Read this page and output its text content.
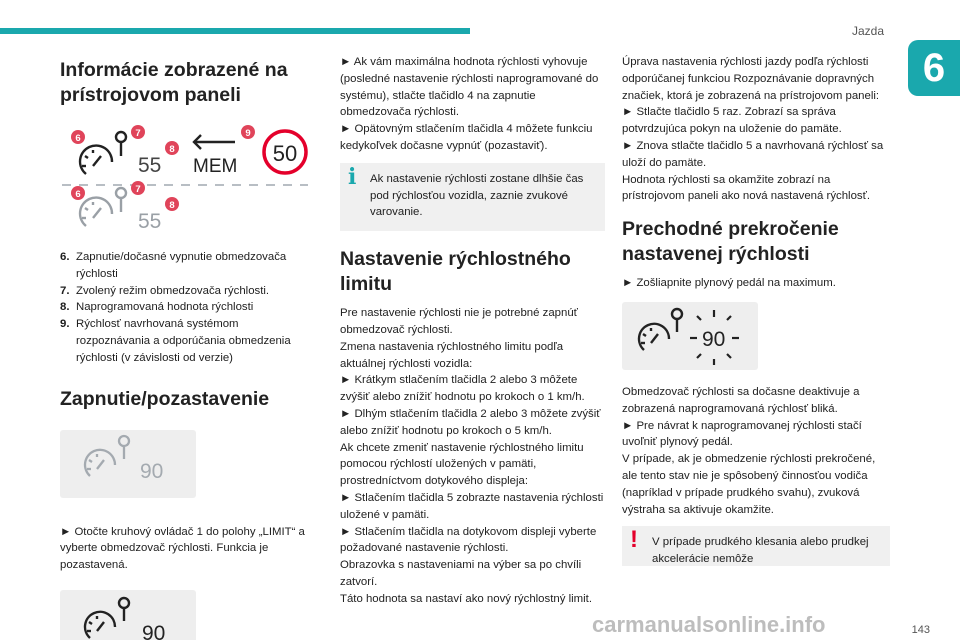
Jazda
6
Informácie zobrazené na prístrojovom paneli
55 MEM
50
6	7
8
9
55
6	7
8
6. Zapnutie/dočasné vypnutie obmedzovača rýchlosti
7. Zvolený režim obmedzovača rýchlosti.
8. Naprogramovaná hodnota rýchlosti
9. Rýchlosť navrhovaná systémom rozpoznávania a odporúčania obmedzenia rýchlosti (v závislosti od verzie)
Zapnutie/pozastavenie
90

► Otočte kruhový ovládač 1 do polohy „LIMIT“ a vyberte obmedzovač rýchlosti. Funkcia je pozastavená.

90

► Ak vám maximálna hodnota rýchlosti vyhovuje (posledné nastavenie rýchlosti naprogramované do systému), stlačte tlačidlo 4 na zapnutie obmedzovača rýchlosti.
► Opätovným stlačením tlačidla 4 môžete funkciu kedykoľvek dočasne vypnúť (pozastaviť).

i Ak nastavenie rýchlosti zostane dlhšie čas pod rýchlosťou vozidla, zaznie zvukové varovanie.
Nastavenie rýchlostného limitu

Pre nastavenie rýchlosti nie je potrebné zapnúť obmedzovač rýchlosti.
Zmena nastavenia rýchlostného limitu podľa aktuálnej rýchlosti vozidla:
► Krátkym stlačením tlačidla 2 alebo 3 môžete zvýšiť alebo znížiť hodnotu po krokoch o 1 km/h.
► Dlhým stlačením tlačidla 2 alebo 3 môžete zvýšiť alebo znížiť hodnotu po krokoch o 5 km/h.
Ak chcete zmeniť nastavenie rýchlostného limitu pomocou rýchlostí uložených v pamäti, prostredníctvom dotykového displeja:
► Stlačením tlačidla 5 zobrazte nastavenia rýchlosti uložené v pamäti.
► Stlačením tlačidla na dotykovom displeji vyberte požadované nastavenie rýchlosti.
Obrazovka s nastaveniami na výber sa po chvíli zatvorí.
Táto hodnota sa nastaví ako nový rýchlostný limit.

Úprava nastavenia rýchlosti jazdy podľa rýchlosti odporúčanej funkciou Rozpoznávanie dopravných značiek, ktorá je zobrazená na prístrojovom paneli:
► Stlačte tlačidlo 5 raz. Zobrazí sa správa potvrdzujúca pokyn na uloženie do pamäte.
► Znova stlačte tlačidlo 5 a navrhovaná rýchlosť sa uloží do pamäte.
Hodnota rýchlosti sa okamžite zobrazí na prístrojovom paneli ako nová nastavená rýchlosť.

Prechodné prekročenie nastavenej rýchlosti

► Zošliapnite plynový pedál na maximum.

90

Obmedzovač rýchlosti sa dočasne deaktivuje a zobrazená naprogramovaná rýchlosť bliká.
► Pre návrat k naprogramovanej rýchlosti stačí uvoľniť plynový pedál.
V prípade, ak je obmedzenie rýchlosti prekročené, ale tento stav nie je spôsobený činnosťou vodiča (napríklad v prípade prudkého svahu), zvuková výstraha sa aktivuje okamžite.

! V prípade prudkého klesania alebo prudkej akcelerácie nemôže
carmanualsonline.info	143
